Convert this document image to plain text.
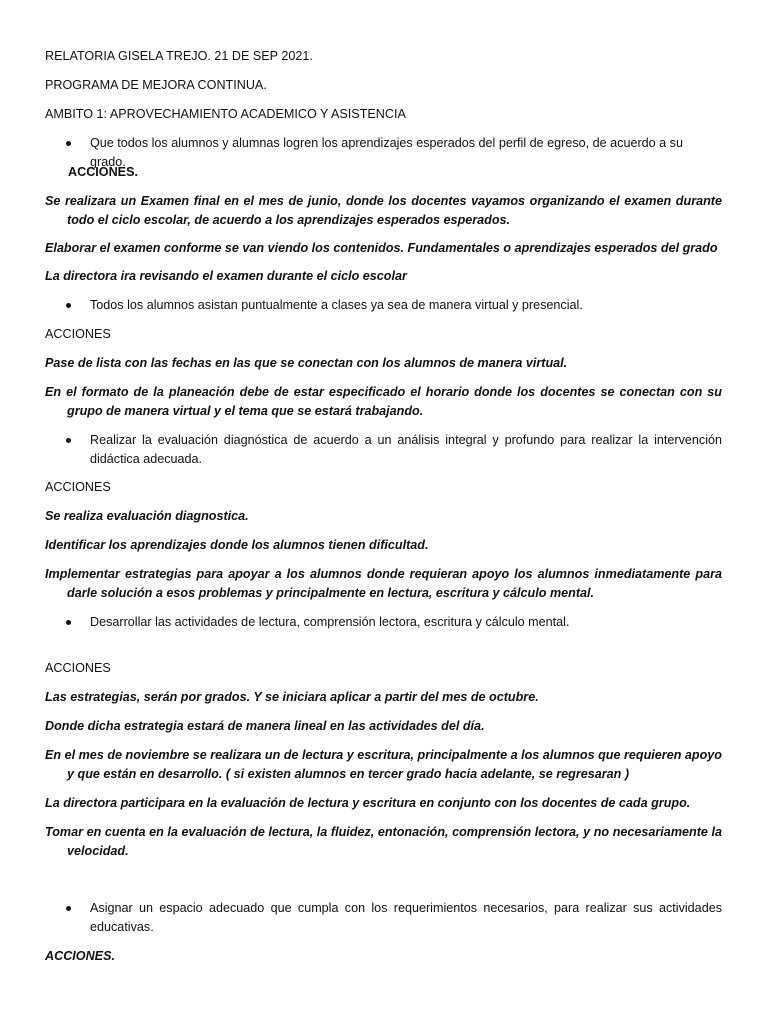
RELATORIA GISELA TREJO. 21 DE SEP 2021.

PROGRAMA DE MEJORA CONTINUA.

AMBITO 1: APROVECHAMIENTO ACADEMICO Y ASISTENCIA

Que todos los alumnos y alumnas logren los aprendizajes esperados del perfil de egreso, de acuerdo a su grado.

ACCIONES.

Se realizara un Examen final en el mes de junio, donde los docentes vayamos organizando el examen durante todo el ciclo escolar, de acuerdo a los aprendizajes esperados esperados.

Elaborar el examen conforme se van viendo los contenidos. Fundamentales o aprendizajes esperados del grado

La directora ira revisando el examen durante el ciclo escolar

Todos los alumnos asistan puntualmente a clases ya sea de manera virtual y presencial.

ACCIONES

Pase de lista con las fechas en las que se conectan con los alumnos de manera virtual.

En el formato de la planeación debe de estar especificado el horario donde los docentes se conectan con su grupo de manera virtual y el tema que se estará trabajando.

Realizar la evaluación diagnóstica de acuerdo a un análisis integral y profundo para realizar la intervención didáctica adecuada.

ACCIONES

Se realiza evaluación diagnostica.

Identificar los aprendizajes donde los alumnos tienen dificultad.

Implementar estrategias para apoyar a los alumnos donde requieran apoyo los alumnos inmediatamente para darle solución a esos problemas y principalmente en lectura, escritura y cálculo mental.

Desarrollar las actividades de lectura, comprensión lectora, escritura y cálculo mental.

ACCIONES

Las estrategias, serán por grados. Y se iniciara aplicar a partir del mes de octubre.

Donde dicha estrategia estará de manera lineal en las actividades del día.

En el mes de noviembre se realizara un de lectura y escritura, principalmente a los alumnos que requieren apoyo y que están en desarrollo. ( si existen alumnos en tercer grado hacia adelante, se regresaran )

La directora participara en la evaluación de lectura y escritura en conjunto con los docentes de cada grupo.

Tomar en cuenta en la evaluación de lectura, la fluidez, entonación, comprensión lectora, y no necesariamente la velocidad.

Asignar un espacio adecuado que cumpla con los requerimientos necesarios, para realizar sus actividades educativas.

ACCIONES.
